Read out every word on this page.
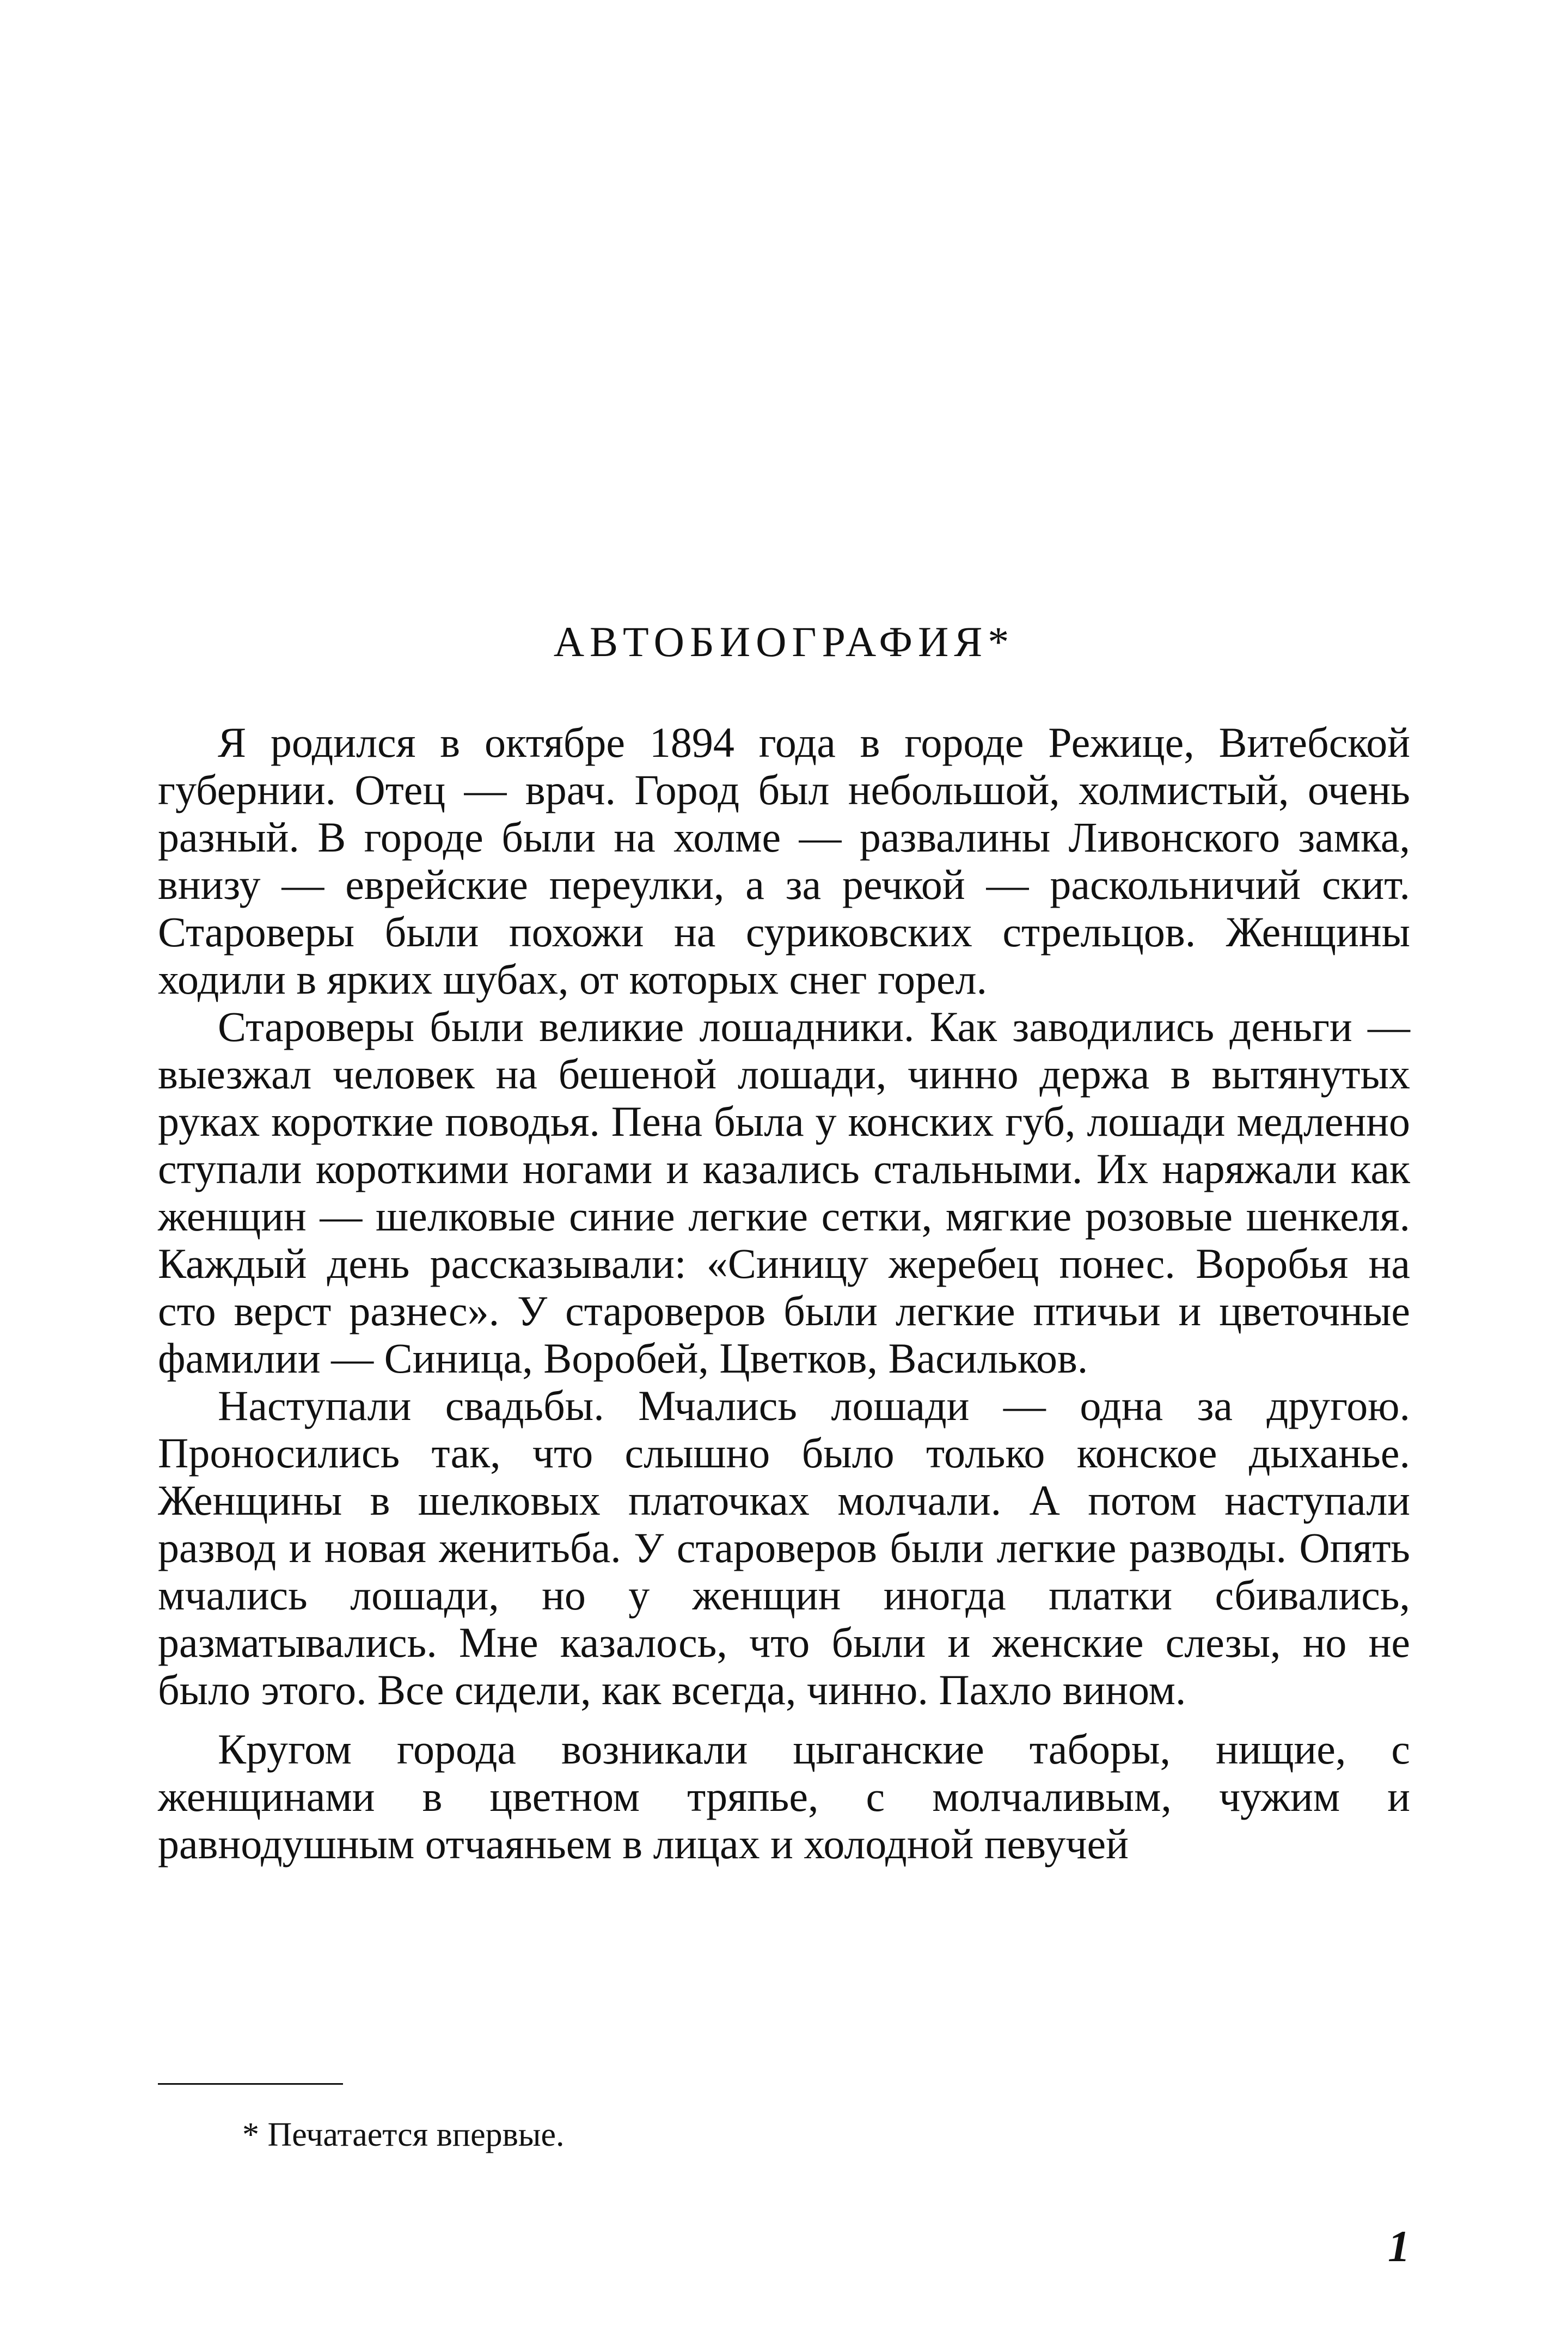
АВТОБИОГРАФИЯ*

Я родился в октябре 1894 года в городе Режице, Витебской губернии. Отец — врач. Город был небольшой, холмистый, очень разный. В городе были на холме — развалины Ливонского замка, внизу — еврейские переулки, а за речкой — раскольничий скит. Староверы были похожи на суриковских стрельцов. Женщины ходили в ярких шубах, от которых снег горел.

Староверы были великие лошадники. Как заводились деньги — выезжал человек на бешеной лошади, чинно держа в вытянутых руках короткие поводья. Пена была у конских губ, лошади медленно ступали короткими ногами и казались стальными. Их наряжали как женщин — шелковые синие легкие сетки, мягкие розовые шенкеля. Каждый день рассказывали: «Синицу жеребец понес. Воробья на сто верст разнес». У староверов были легкие птичьи и цветочные фамилии — Синица, Воробей, Цветков, Васильков.

Наступали свадьбы. Мчались лошади — одна за другою. Проносились так, что слышно было только конское дыханье. Женщины в шелковых платочках молчали. А потом наступали развод и новая женитьба. У староверов были легкие разводы. Опять мчались лошади, но у женщин иногда платки сбивались, разматывались. Мне казалось, что были и женские слезы, но не было этого. Все сидели, как всегда, чинно. Пахло вином.

Кругом города возникали цыганские таборы, нищие, с женщинами в цветном тряпье, с молчаливым, чужим и равнодушным отчаяньем в лицах и холодной певучей

* Печатается впервые.
1
